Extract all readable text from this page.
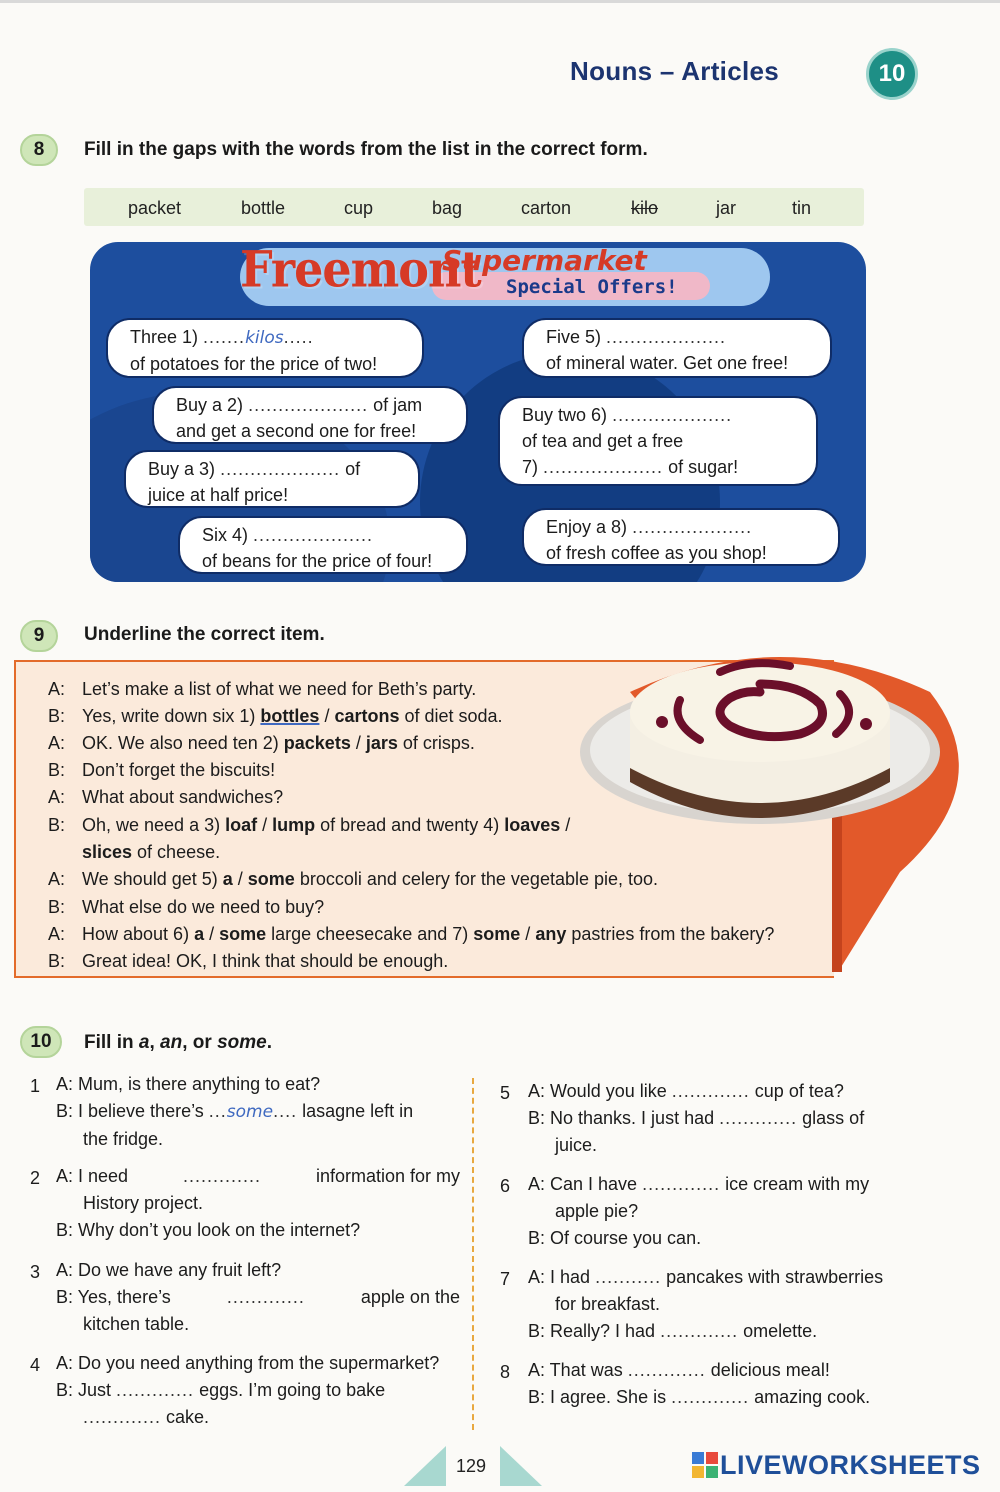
Nouns – Articles	10
8	Fill in the gaps with the words from the list in the correct form.
packet	bottle	cup	bag	carton	kilo	jar	tin
Freemont
Supermarket
Special Offers!
Three 1) .......kilos.....
of potatoes for the price of two!
Buy a 2) .................... of jam
and get a second one for free!
Buy a 3) .................... of
juice at half price!
Six 4) ....................
of beans for the price of four!
Five 5) ....................
of mineral water. Get one free!
Buy two 6) ....................
of tea and get a free
7) .................... of sugar!
Enjoy a 8) ....................
of fresh coffee as you shop!
9	Underline the correct item.
A: Let’s make a list of what we need for Beth’s party.
B: Yes, write down six 1) bottles / cartons of diet soda.
A: OK. We also need ten 2) packets / jars of crisps.
B: Don’t forget the biscuits!
A: What about sandwiches?
B: Oh, we need a 3) loaf / lump of bread and twenty 4) loaves /
slices of cheese.
A: We should get 5) a / some broccoli and celery for the vegetable pie, too.
B: What else do we need to buy?
A: How about 6) a / some large cheesecake and 7) some / any pastries from the bakery?
B: Great idea! OK, I think that should be enough.
10	Fill in a, an, or some.
1 A: Mum, is there anything to eat?
B: I believe there’s ...some.... lasagne left in
the fridge.
2 A: I need	.............	information for my
History project.
B: Why don’t you look on the internet?
3 A: Do we have any fruit left?
B: Yes, there’s	.............	apple on the
kitchen table.
4 A: Do you need anything from the supermarket?
B: Just ............. eggs. I’m going to bake
............. cake.
5 A: Would you like ............. cup of tea?
B: No thanks. I just had ............. glass of
juice.
6 A: Can I have ............. ice cream with my
apple pie?
B: Of course you can.
7 A: I had ........... pancakes with strawberries
for breakfast.
B: Really? I had ............. omelette.
8 A: That was ............. delicious meal!
B: I agree. She is ............. amazing cook.
129	LIVEWORKSHEETS
